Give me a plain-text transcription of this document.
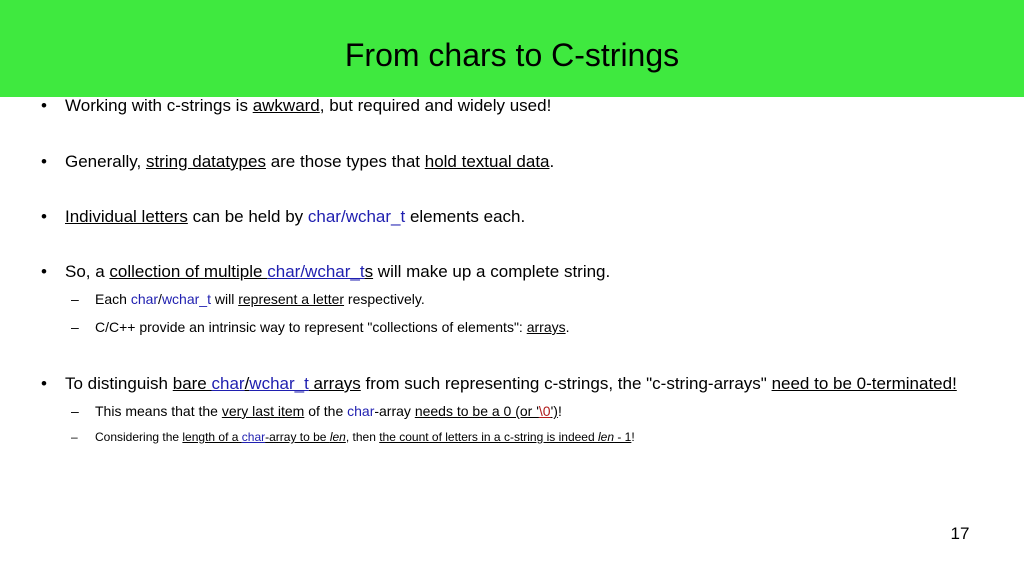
From chars to C-strings
• Working with c-strings is awkward, but required and widely used!
• Generally, string datatypes are those types that hold textual data.
• Individual letters can be held by char/wchar_t elements each.
• So, a collection of multiple char/wchar_ts will make up a complete string.
– Each char/wchar_t will represent a letter respectively.
– C/C++ provide an intrinsic way to represent "collections of elements": arrays.
• To distinguish bare char/wchar_t arrays from such representing c-strings, the "c-string-arrays" need to be 0-terminated!
– This means that the very last item of the char-array needs to be a 0 (or '\0')!
– Considering the length of a char-array to be len, then the count of letters in a c-string is indeed len - 1!
17
